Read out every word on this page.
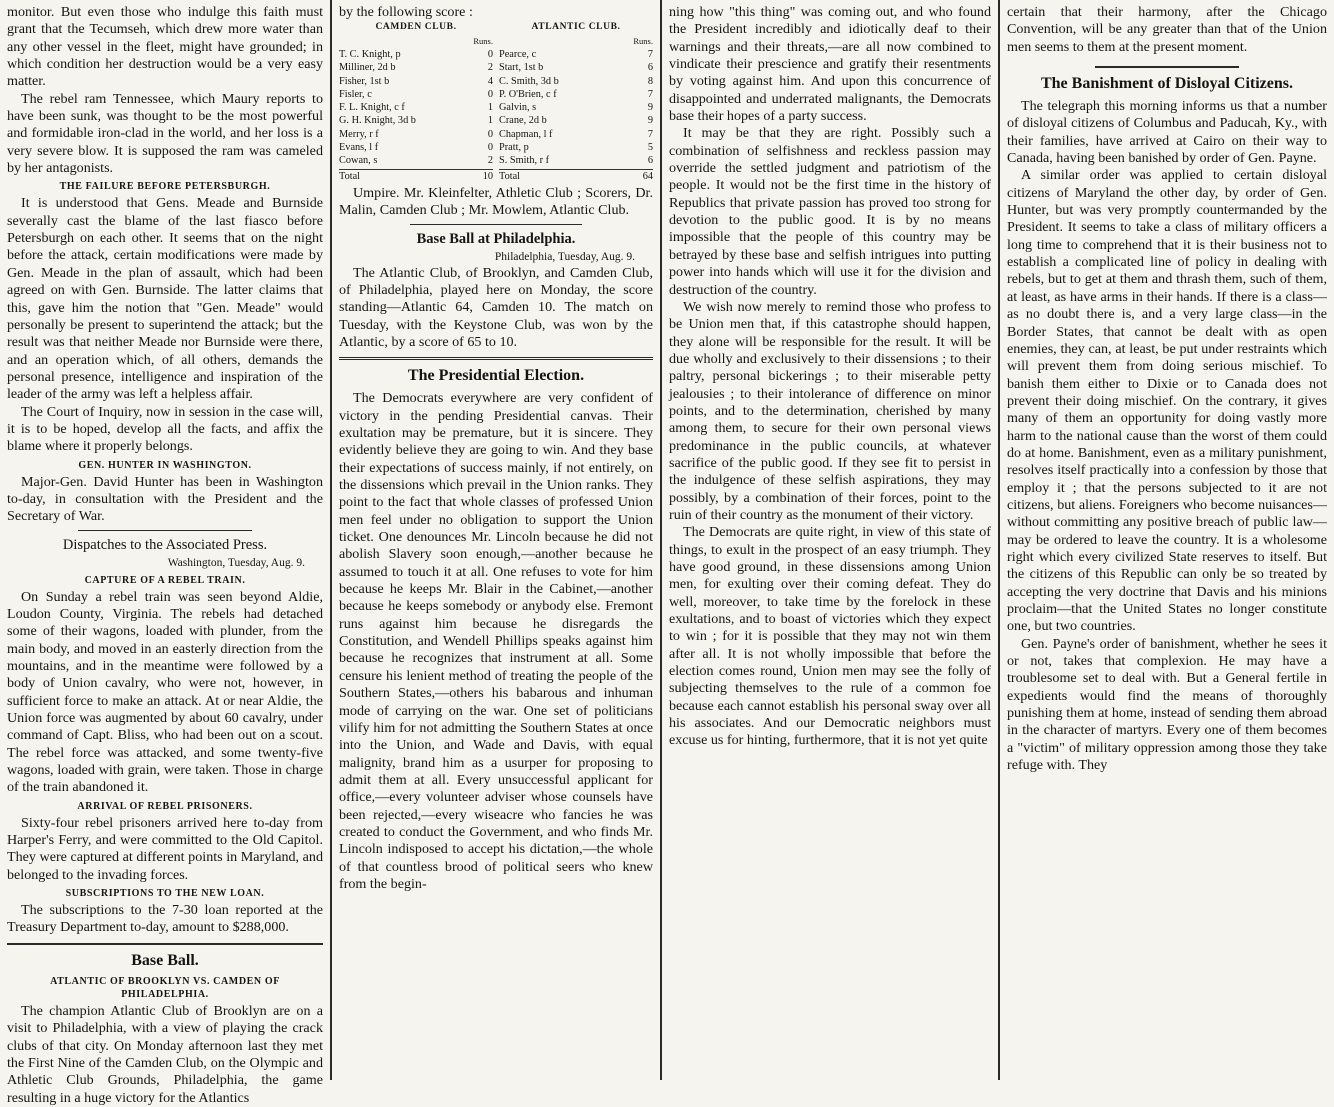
monitor. But even those who indulge this faith must grant that the Tecumseh, which drew more water than any other vessel in the fleet, might have grounded; in which condition her destruction would be a very easy matter.

The rebel ram Tennessee, which Maury reports to have been sunk, was thought to be the most powerful and formidable iron-clad in the world, and her loss is a very severe blow. It is supposed the ram was cameled by her antagonists.

THE FAILURE BEFORE PETERSBURGH.

It is understood that Gens. Meade and Burnside severally cast the blame of the last fiasco before Petersburgh on each other. It seems that on the night before the attack, certain modifications were made by Gen. Meade in the plan of assault, which had been agreed on with Gen. Burnside. The latter claims that this, gave him the notion that "Gen. Meade" would personally be present to superintend the attack; but the result was that neither Meade nor Burnside were there, and an operation which, of all others, demands the personal presence, intelligence and inspiration of the leader of the army was left a helpless affair.

The Court of Inquiry, now in session in the case will, it is to be hoped, develop all the facts, and affix the blame where it properly belongs.

GEN. HUNTER IN WASHINGTON.

Major-Gen. David Hunter has been in Washington to-day, in consultation with the President and the Secretary of War.

Dispatches to the Associated Press.
Washington, Tuesday, Aug. 9.
CAPTURE OF A REBEL TRAIN.

On Sunday a rebel train was seen beyond Aldie, Loudon County, Virginia. The rebels had detached some of their wagons, loaded with plunder, from the main body, and moved in an easterly direction from the mountains, and in the meantime were followed by a body of Union cavalry, who were not, however, in sufficient force to make an attack. At or near Aldie, the Union force was augmented by about 60 cavalry, under command of Capt. Bliss, who had been out on a scout. The rebel force was attacked, and some twenty-five wagons, loaded with grain, were taken. Those in charge of the train abandoned it.

ARRIVAL OF REBEL PRISONERS.

Sixty-four rebel prisoners arrived here to-day from Harper's Ferry, and were committed to the Old Capitol. They were captured at different points in Maryland, and belonged to the invading forces.

SUBSCRIPTIONS TO THE NEW LOAN.

The subscriptions to the 7-30 loan reported at the Treasury Department to-day, amount to $288,000.

Base Ball.
ATLANTIC OF BROOKLYN VS. CAMDEN OF PHILADELPHIA.

The champion Atlantic Club of Brooklyn are on a visit to Philadelphia, with a view of playing the crack clubs of that city. On Monday afternoon last they met the First Nine of the Camden Club, on the Olympic and Athletic Club Grounds, Philadelphia, the game resulting in a huge victory for the Atlantics

by the following score :

CAMDEN CLUB.
Runs.
T. C. Knight, p	0
Milliner, 2d b	2
Fisher, 1st b	4
Fisler, c	0
F. L. Knight, c f	1
G. H. Knight, 3d b	1
Merry, r f	0
Evans, l f	0
Cowan, s	2
Total	10
ATLANTIC CLUB.
Runs.
Pearce, c	7
Start, 1st b	6
C. Smith, 3d b	8
P. O'Brien, c f	7
Galvin, s	9
Crane, 2d b	9
Chapman, l f	7
Pratt, p	5
S. Smith, r f	6
Total	64

Umpire. Mr. Kleinfelter, Athletic Club ; Scorers, Dr. Malin, Camden Club ; Mr. Mowlem, Atlantic Club.

Base Ball at Philadelphia.
Philadelphia, Tuesday, Aug. 9.

The Atlantic Club, of Brooklyn, and Camden Club, of Philadelphia, played here on Monday, the score standing—Atlantic 64, Camden 10. The match on Tuesday, with the Keystone Club, was won by the Atlantic, by a score of 65 to 10.

The Presidential Election.

The Democrats everywhere are very confident of victory in the pending Presidential canvas. Their exultation may be premature, but it is sincere. They evidently believe they are going to win. And they base their expectations of success mainly, if not entirely, on the dissensions which prevail in the Union ranks. They point to the fact that whole classes of professed Union men feel under no obligation to support the Union ticket. One denounces Mr. Lincoln because he did not abolish Slavery soon enough,—another because he assumed to touch it at all. One refuses to vote for him because he keeps Mr. Blair in the Cabinet,—another because he keeps somebody or anybody else. Fremont runs against him because he disregards the Constitution, and Wendell Phillips speaks against him because he recognizes that instrument at all. Some censure his lenient method of treating the people of the Southern States,—others his babarous and inhuman mode of carrying on the war. One set of politicians vilify him for not admitting the Southern States at once into the Union, and Wade and Davis, with equal malignity, brand him as a usurper for proposing to admit them at all. Every unsuccessful applicant for office,—every volunteer adviser whose counsels have been rejected,—every wiseacre who fancies he was created to conduct the Government, and who finds Mr. Lincoln indisposed to accept his dictation,—the whole of that countless brood of political seers who knew from the begin-

ning how "this thing" was coming out, and who found the President incredibly and idiotically deaf to their warnings and their threats,—are all now combined to vindicate their prescience and gratify their resentments by voting against him. And upon this concurrence of disappointed and underrated malignants, the Democrats base their hopes of a party success.

It may be that they are right. Possibly such a combination of selfishness and reckless passion may override the settled judgment and patriotism of the people. It would not be the first time in the history of Republics that private passion has proved too strong for devotion to the public good. It is by no means impossible that the people of this country may be betrayed by these base and selfish intrigues into putting power into hands which will use it for the division and destruction of the country.

We wish now merely to remind those who profess to be Union men that, if this catastrophe should happen, they alone will be responsible for the result. It will be due wholly and exclusively to their dissensions ; to their paltry, personal bickerings ; to their miserable petty jealousies ; to their intolerance of difference on minor points, and to the determination, cherished by many among them, to secure for their own personal views predominance in the public councils, at whatever sacrifice of the public good. If they see fit to persist in the indulgence of these selfish aspirations, they may possibly, by a combination of their forces, point to the ruin of their country as the monument of their victory.

The Democrats are quite right, in view of this state of things, to exult in the prospect of an easy triumph. They have good ground, in these dissensions among Union men, for exulting over their coming defeat. They do well, moreover, to take time by the forelock in these exultations, and to boast of victories which they expect to win ; for it is possible that they may not win them after all. It is not wholly impossible that before the election comes round, Union men may see the folly of subjecting themselves to the rule of a common foe because each cannot establish his personal sway over all his associates. And our Democratic neighbors must excuse us for hinting, furthermore, that it is not yet quite

certain that their harmony, after the Chicago Convention, will be any greater than that of the Union men seems to them at the present moment.

The Banishment of Disloyal Citizens.

The telegraph this morning informs us that a number of disloyal citizens of Columbus and Paducah, Ky., with their families, have arrived at Cairo on their way to Canada, having been banished by order of Gen. Payne.

A similar order was applied to certain disloyal citizens of Maryland the other day, by order of Gen. Hunter, but was very promptly countermanded by the President. It seems to take a class of military officers a long time to comprehend that it is their business not to establish a complicated line of policy in dealing with rebels, but to get at them and thrash them, such of them, at least, as have arms in their hands. If there is a class—as no doubt there is, and a very large class—in the Border States, that cannot be dealt with as open enemies, they can, at least, be put under restraints which will prevent them from doing serious mischief. To banish them either to Dixie or to Canada does not prevent their doing mischief. On the contrary, it gives many of them an opportunity for doing vastly more harm to the national cause than the worst of them could do at home. Banishment, even as a military punishment, resolves itself practically into a confession by those that employ it ; that the persons subjected to it are not citizens, but aliens. Foreigners who become nuisances—without committing any positive breach of public law—may be ordered to leave the country. It is a wholesome right which every civilized State reserves to itself. But the citizens of this Republic can only be so treated by accepting the very doctrine that Davis and his minions proclaim—that the United States no longer constitute one, but two countries.

Gen. Payne's order of banishment, whether he sees it or not, takes that complexion. He may have a troublesome set to deal with. But a General fertile in expedients would find the means of thoroughly punishing them at home, instead of sending them abroad in the character of martyrs. Every one of them becomes a "victim" of military oppression among those they take refuge with. They
